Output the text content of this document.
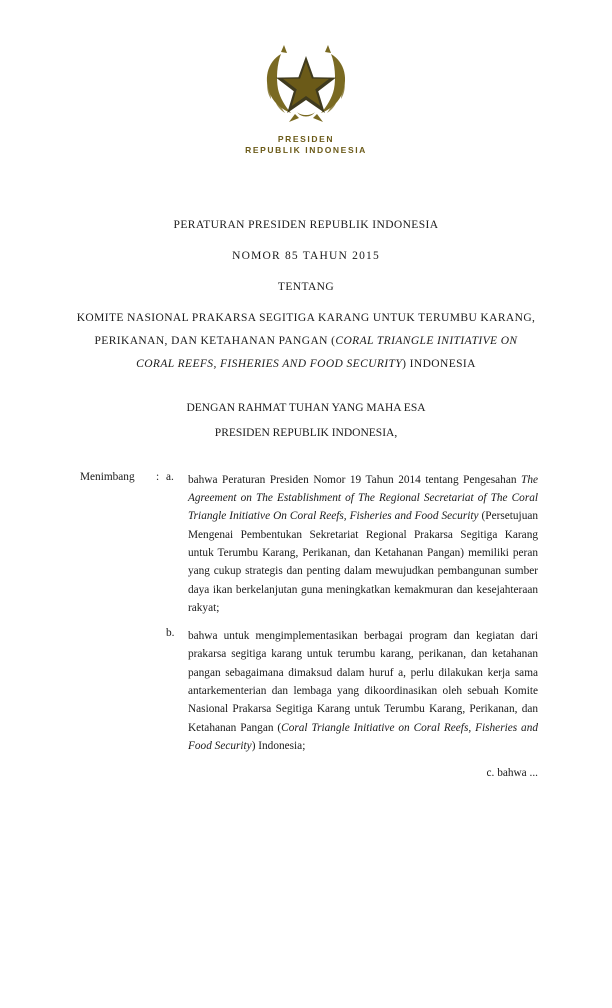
PRESIDEN
REPUBLIK INDONESIA
PERATURAN PRESIDEN REPUBLIK INDONESIA
NOMOR 85 TAHUN 2015
TENTANG
KOMITE NASIONAL PRAKARSA SEGITIGA KARANG UNTUK TERUMBU KARANG, PERIKANAN, DAN KETAHANAN PANGAN (CORAL TRIANGLE INITIATIVE ON CORAL REEFS, FISHERIES AND FOOD SECURITY) INDONESIA
DENGAN RAHMAT TUHAN YANG MAHA ESA
PRESIDEN REPUBLIK INDONESIA,
Menimbang	: a.	bahwa Peraturan Presiden Nomor 19 Tahun 2014 tentang Pengesahan The Agreement on The Establishment of The Regional Secretariat of The Coral Triangle Initiative On Coral Reefs, Fisheries and Food Security (Persetujuan Mengenai Pembentukan Sekretariat Regional Prakarsa Segitiga Karang untuk Terumbu Karang, Perikanan, dan Ketahanan Pangan) memiliki peran yang cukup strategis dan penting dalam mewujudkan pembangunan sumber daya ikan berkelanjutan guna meningkatkan kemakmuran dan kesejahteraan rakyat;
b.	bahwa untuk mengimplementasikan berbagai program dan kegiatan dari prakarsa segitiga karang untuk terumbu karang, perikanan, dan ketahanan pangan sebagaimana dimaksud dalam huruf a, perlu dilakukan kerja sama antarkementerian dan lembaga yang dikoordinasikan oleh sebuah Komite Nasional Prakarsa Segitiga Karang untuk Terumbu Karang, Perikanan, dan Ketahanan Pangan (Coral Triangle Initiative on Coral Reefs, Fisheries and Food Security) Indonesia;
c. bahwa ...
